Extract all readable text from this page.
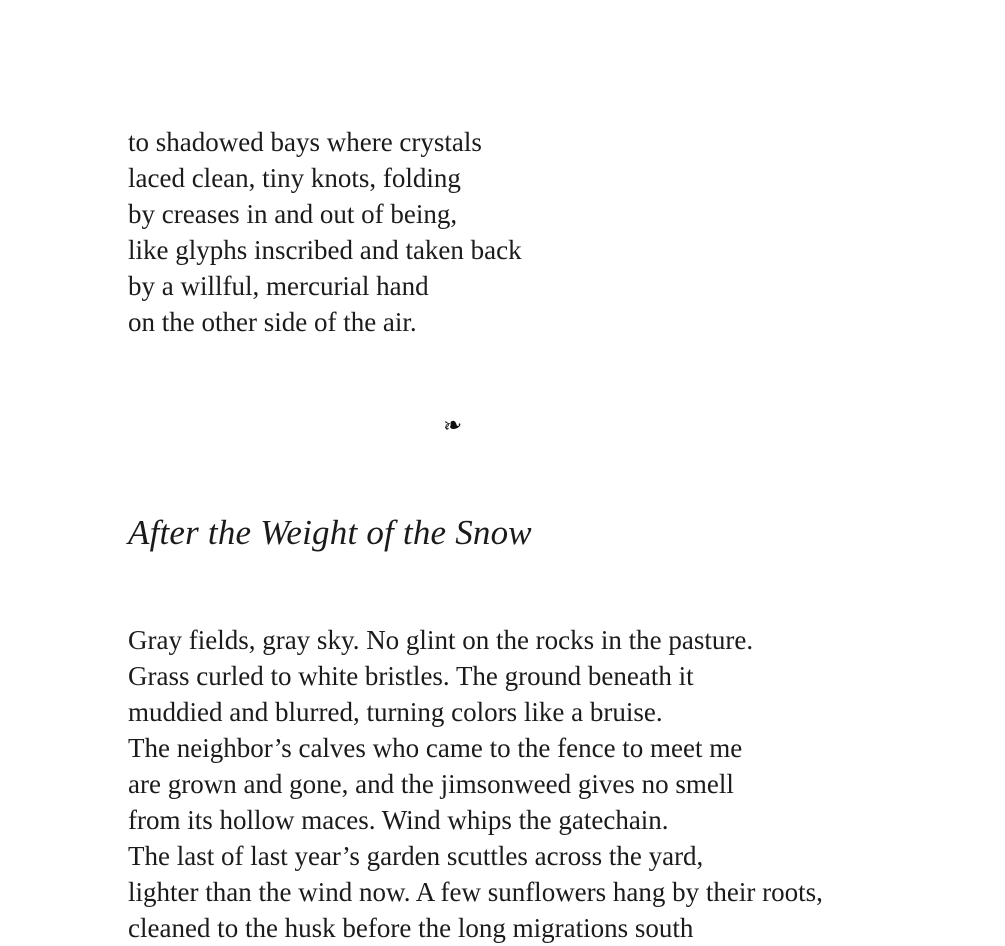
to shadowed bays where crystals
laced clean, tiny knots, folding
by creases in and out of being,
like glyphs inscribed and taken back
by a willful, mercurial hand
on the other side of the air.
❧
After the Weight of the Snow
Gray fields, gray sky. No glint on the rocks in the pasture.
Grass curled to white bristles. The ground beneath it
muddied and blurred, turning colors like a bruise.
The neighbor’s calves who came to the fence to meet me
are grown and gone, and the jimsonweed gives no smell
from its hollow maces. Wind whips the gatechain.
The last of last year’s garden scuttles across the yard,
lighter than the wind now. A few sunflowers hang by their roots,
cleaned to the husk before the long migrations south
